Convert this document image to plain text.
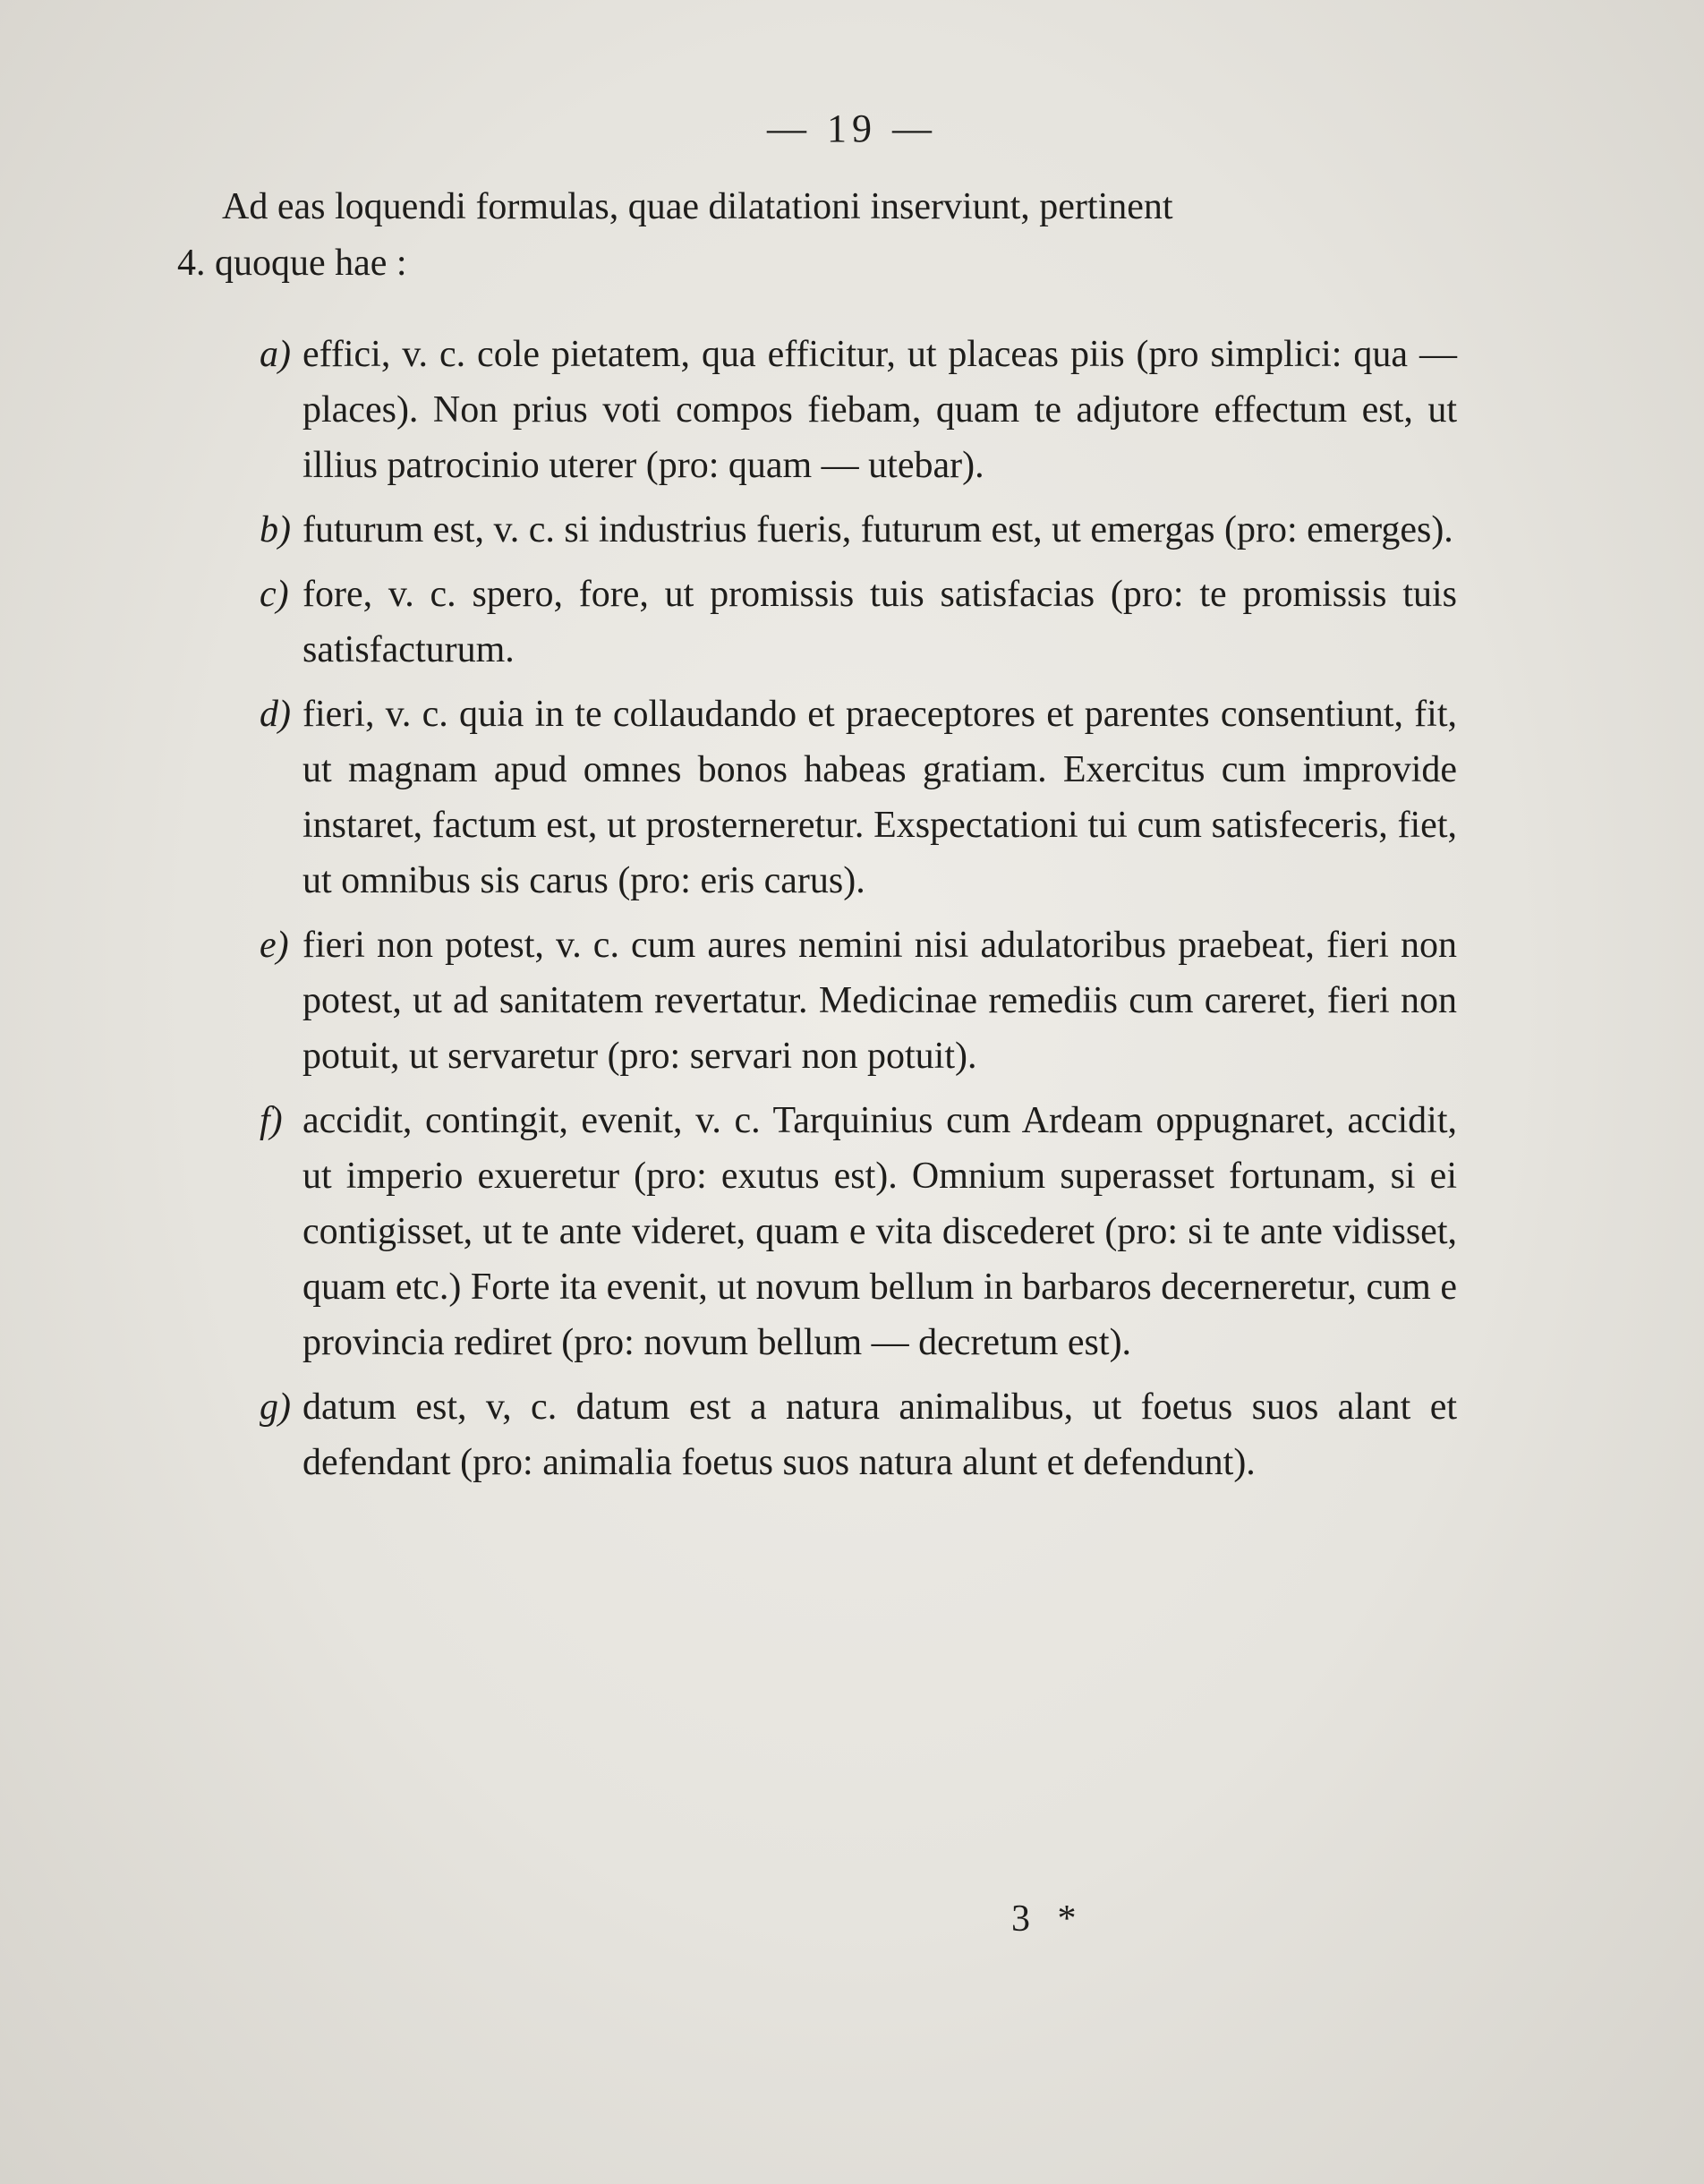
— 19 —
Ad eas loquendi formulas, quae dilatationi inserviunt, pertinent
4. quoque hae :
a) effici, v. c. cole pietatem, qua efficitur, ut placeas piis (pro simplici: qua — places). Non prius voti compos fiebam, quam te adjutore effectum est, ut illius patrocinio uterer (pro: quam — utebar).
b) futurum est, v. c. si industrius fueris, futurum est, ut emergas (pro: emerges).
c) fore, v. c. spero, fore, ut promissis tuis satisfacias (pro: te promissis tuis satisfacturum.
d) fieri, v. c. quia in te collaudando et praeceptores et parentes consentiunt, fit, ut magnam apud omnes bonos habeas gratiam. Exercitus cum improvide instaret, factum est, ut prosterneretur. Exspectationi tui cum satisfeceris, fiet, ut omnibus sis carus (pro: eris carus).
e) fieri non potest, v. c. cum aures nemini nisi adulatoribus praebeat, fieri non potest, ut ad sanitatem revertatur. Medicinae remediis cum careret, fieri non potuit, ut servaretur (pro: servari non potuit).
f) accidit, contingit, evenit, v. c. Tarquinius cum Ardeam oppugnaret, accidit, ut imperio exueretur (pro: exutus est). Omnium superasset fortunam, si ei contigisset, ut te ante videret, quam e vita discederet (pro: si te ante vidisset, quam etc.) Forte ita evenit, ut novum bellum in barbaros decerneretur, cum e provincia rediret (pro: novum bellum — decretum est).
g) datum est, v, c. datum est a natura animalibus, ut foetus suos alant et defendant (pro: animalia foetus suos natura alunt et defendunt).
3 *
